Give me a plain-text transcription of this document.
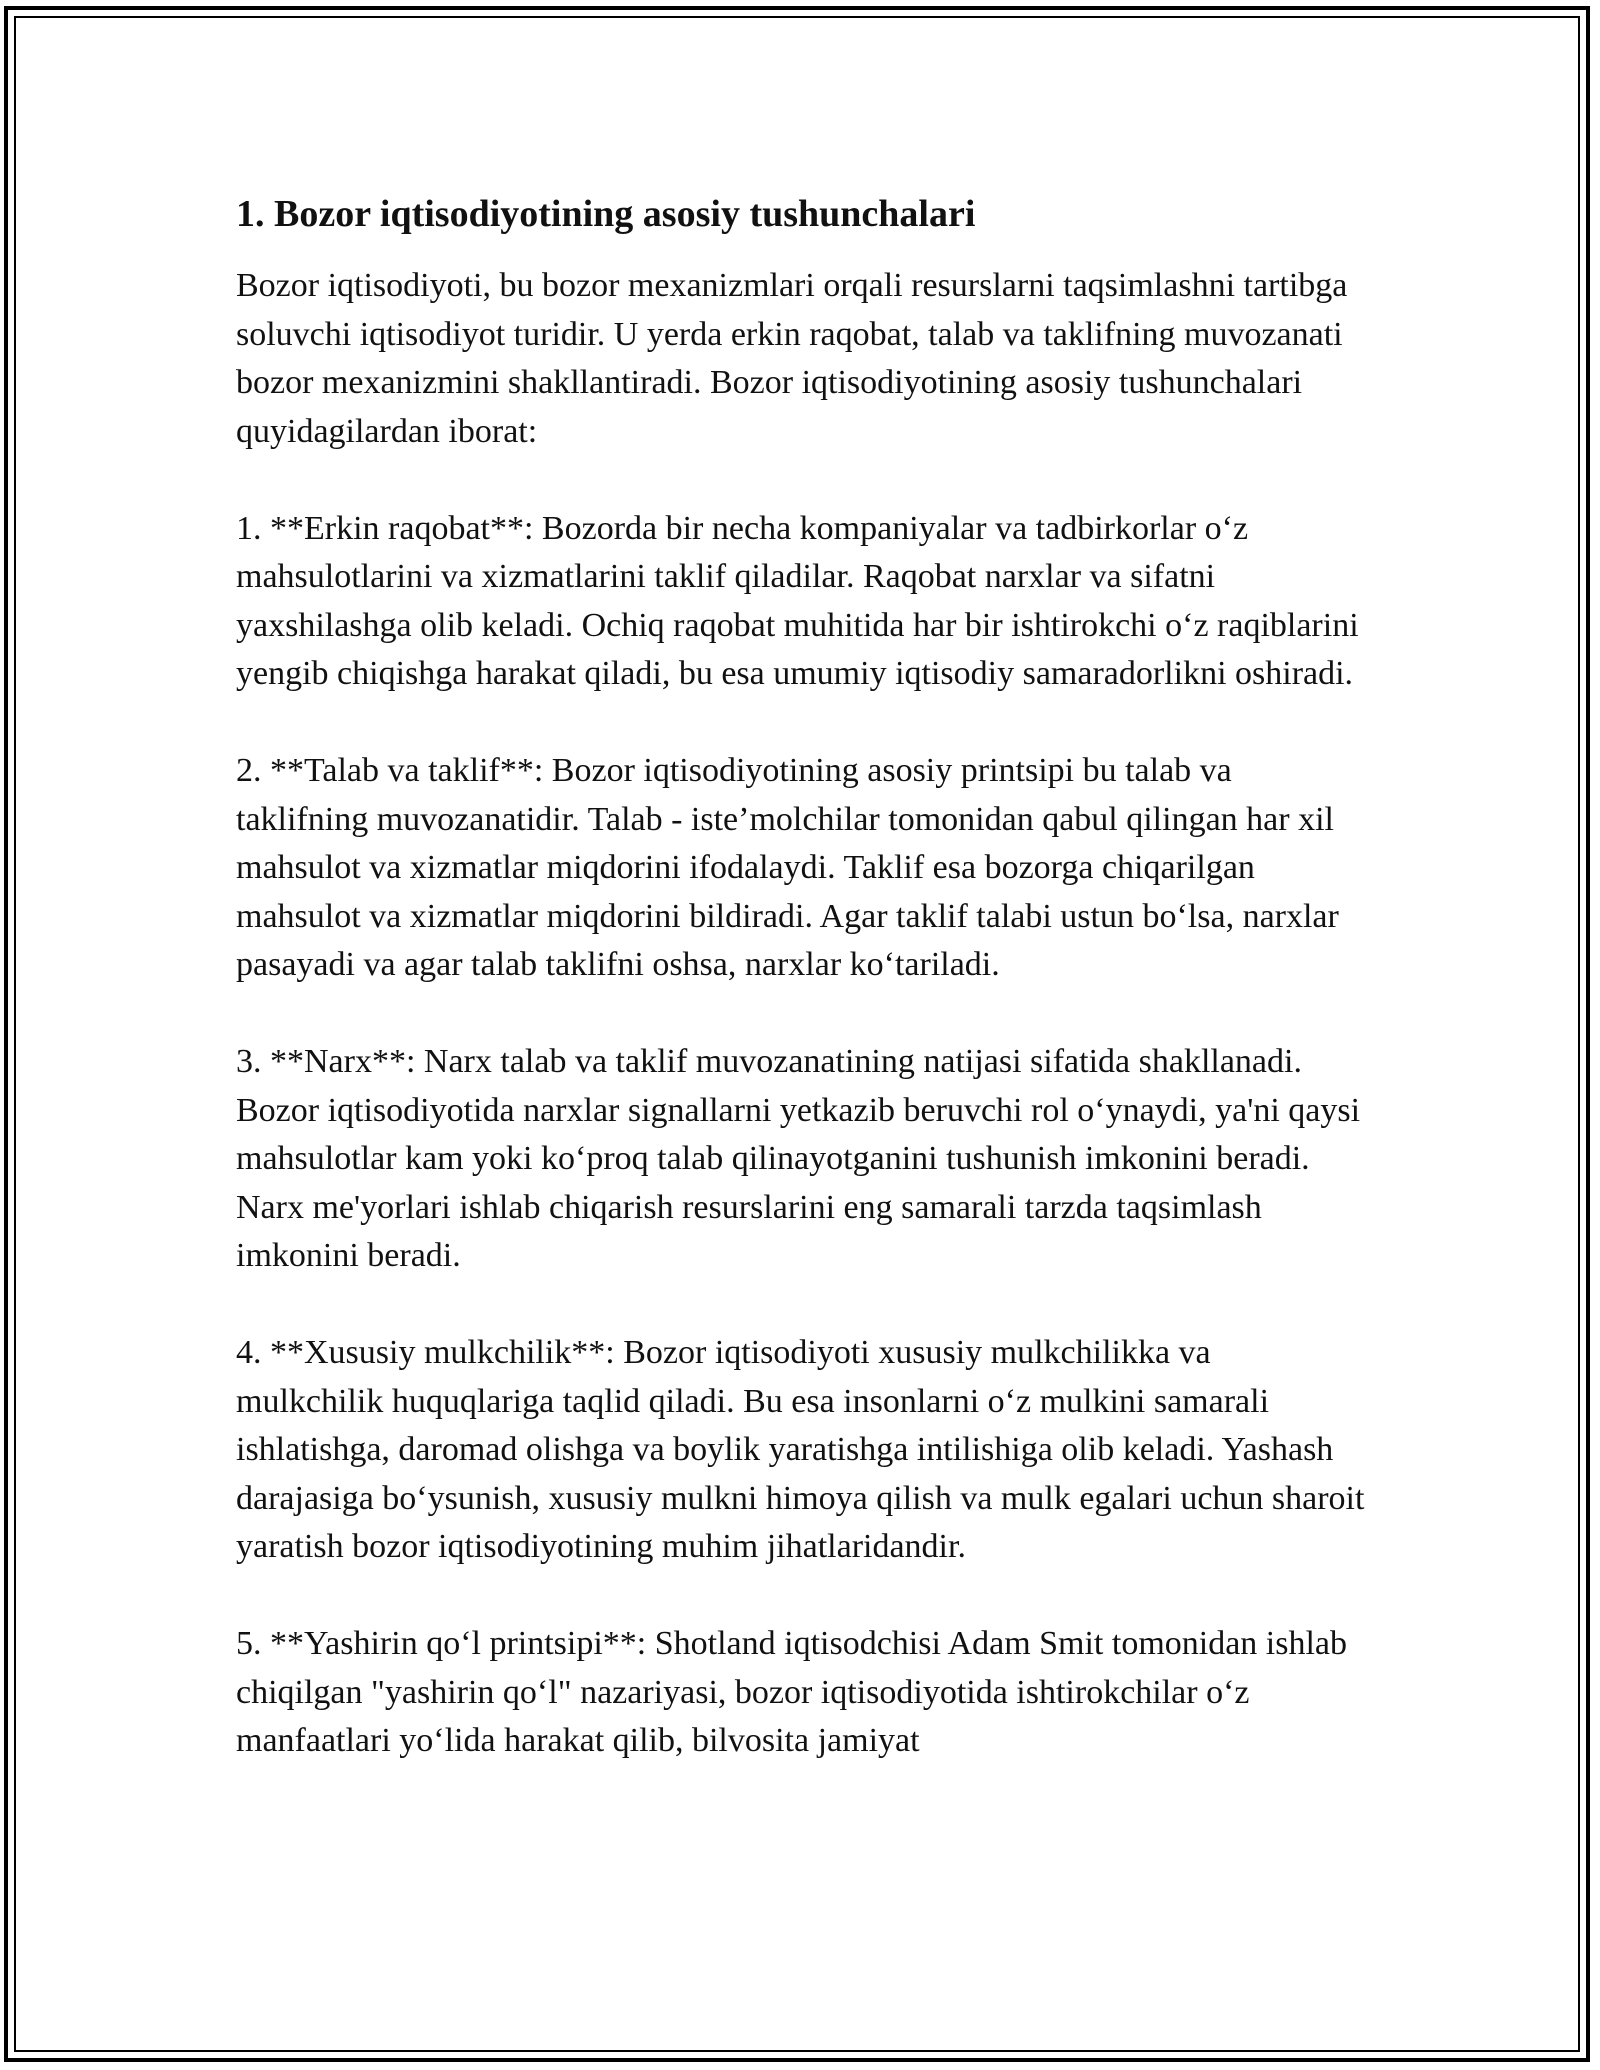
1. Bozor iqtisodiyotining asosiy tushunchalari

Bozor iqtisodiyoti, bu bozor mexanizmlari orqali resurslarni taqsimlashni tartibga soluvchi iqtisodiyot turidir. U yerda erkin raqobat, talab va taklifning muvozanati bozor mexanizmini shakllantiradi. Bozor iqtisodiyotining asosiy tushunchalari quyidagilardan iborat:

1. **Erkin raqobat**: Bozorda bir necha kompaniyalar va tadbirkorlar o‘z mahsulotlarini va xizmatlarini taklif qiladilar. Raqobat narxlar va sifatni yaxshilashga olib keladi. Ochiq raqobat muhitida har bir ishtirokchi o‘z raqiblarini yengib chiqishga harakat qiladi, bu esa umumiy iqtisodiy samaradorlikni oshiradi.

2. **Talab va taklif**: Bozor iqtisodiyotining asosiy printsipi bu talab va taklifning muvozanatidir. Talab - iste’molchilar tomonidan qabul qilingan har xil mahsulot va xizmatlar miqdorini ifodalaydi. Taklif esa bozorga chiqarilgan mahsulot va xizmatlar miqdorini bildiradi. Agar taklif talabi ustun bo‘lsa, narxlar pasayadi va agar talab taklifni oshsa, narxlar ko‘tariladi.

3. **Narx**: Narx talab va taklif muvozanatining natijasi sifatida shakllanadi. Bozor iqtisodiyotida narxlar signallarni yetkazib beruvchi rol o‘ynaydi, ya'ni qaysi mahsulotlar kam yoki ko‘proq talab qilinayotganini tushunish imkonini beradi. Narx me'yorlari ishlab chiqarish resurslarini eng samarali tarzda taqsimlash imkonini beradi.

4. **Xususiy mulkchilik**: Bozor iqtisodiyoti xususiy mulkchilikka va mulkchilik huquqlariga taqlid qiladi. Bu esa insonlarni o‘z mulkini samarali ishlatishga, daromad olishga va boylik yaratishga intilishiga olib keladi. Yashash darajasiga bo‘ysunish, xususiy mulkni himoya qilish va mulk egalari uchun sharoit yaratish bozor iqtisodiyotining muhim jihatlaridandir.

5. **Yashirin qo‘l printsipi**: Shotland iqtisodchisi Adam Smit tomonidan ishlab chiqilgan "yashirin qo‘l" nazariyasi, bozor iqtisodiyotida ishtirokchilar o‘z manfaatlari yo‘lida harakat qilib, bilvosita jamiyat
